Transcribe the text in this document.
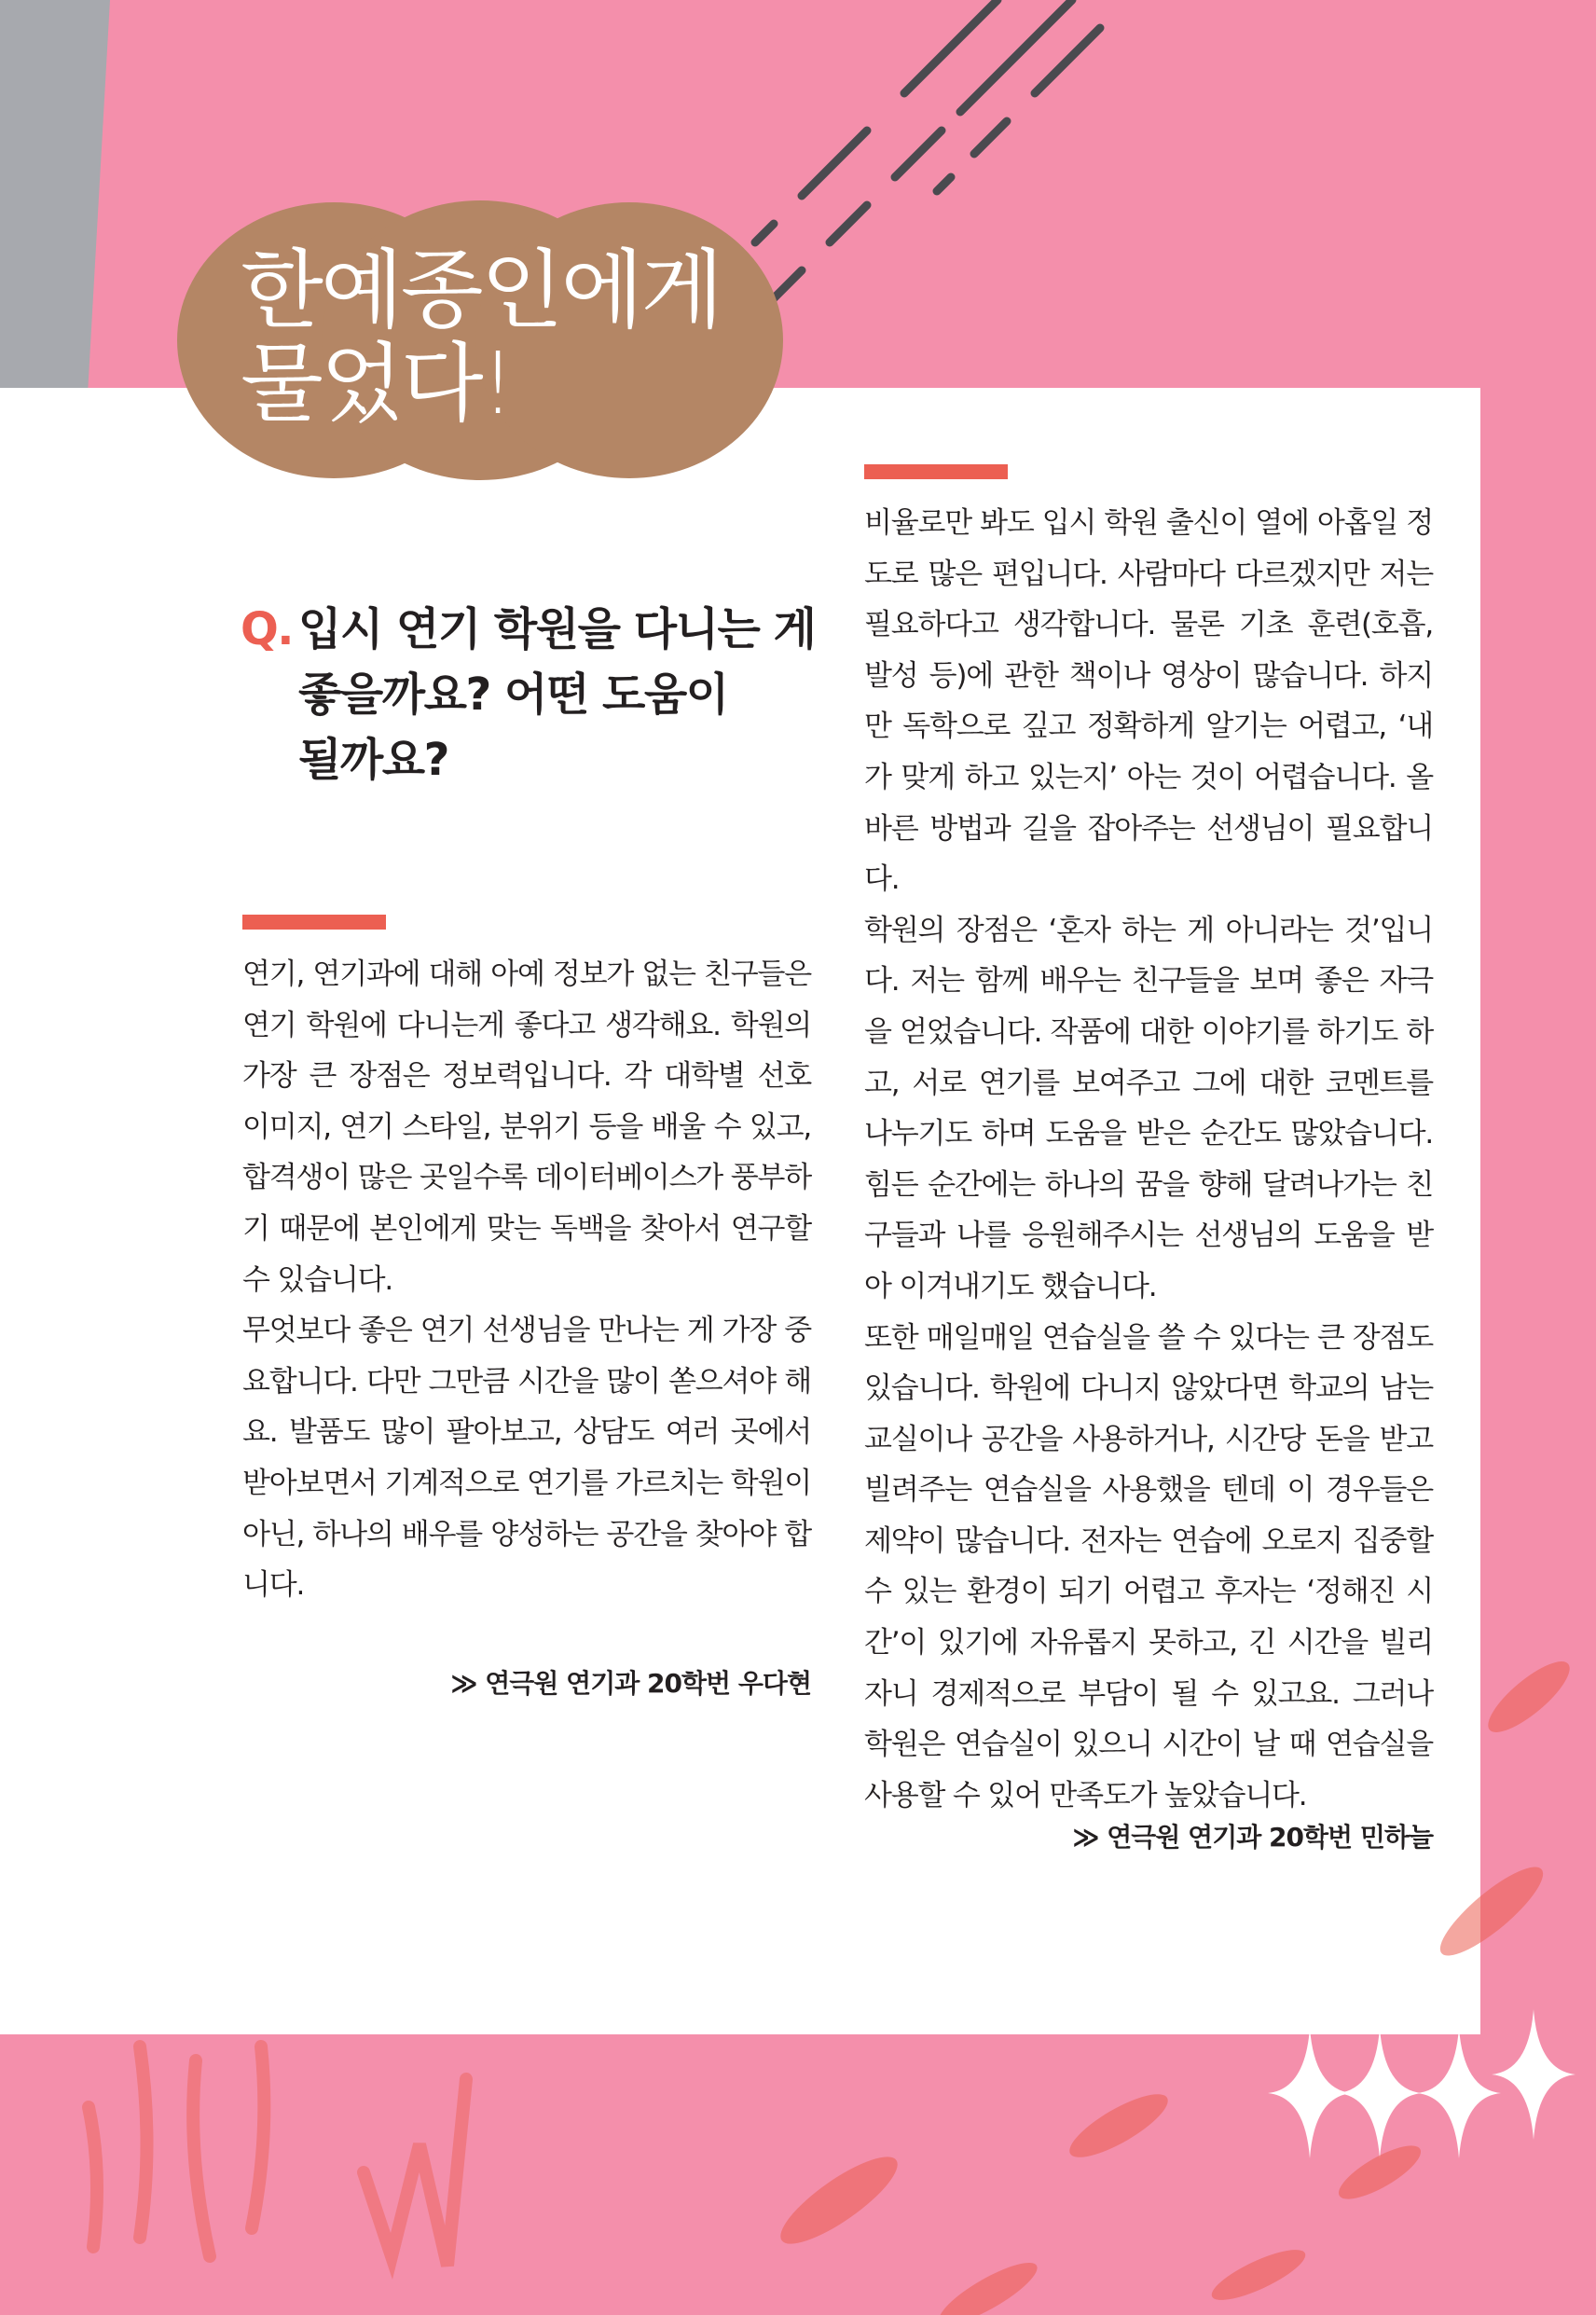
한예종인에게
물었다!
Q. 입시 연기 학원을 다니는 게
좋을까요? 어떤 도움이
될까요?

연기, 연기과에 대해 아예 정보가 없는 친구들은 연기 학원에 다니는게 좋다고 생각해요. 학원의 가장 큰 장점은 정보력입니다. 각 대학별 선호 이미지, 연기 스타일, 분위기 등을 배울 수 있고, 합격생이 많은 곳일수록 데이터베이스가 풍부하기 때문에 본인에게 맞는 독백을 찾아서 연구할 수 있습니다.

무엇보다 좋은 연기 선생님을 만나는 게 가장 중요합니다. 다만 그만큼 시간을 많이 쏟으셔야 해요. 발품도 많이 팔아보고, 상담도 여러 곳에서 받아보면서 기계적으로 연기를 가르치는 학원이 아닌, 하나의 배우를 양성하는 공간을 찾아야 합니다.

≫ 연극원 연기과 20학번 우다현

비율로만 봐도 입시 학원 출신이 열에 아홉일 정도로 많은 편입니다. 사람마다 다르겠지만 저는 필요하다고 생각합니다. 물론 기초 훈련(호흡, 발성 등)에 관한 책이나 영상이 많습니다. 하지만 독학으로 깊고 정확하게 알기는 어렵고, ‘내가 맞게 하고 있는지’ 아는 것이 어렵습니다. 올바른 방법과 길을 잡아주는 선생님이 필요합니다.

학원의 장점은 ‘혼자 하는 게 아니라는 것’입니다. 저는 함께 배우는 친구들을 보며 좋은 자극을 얻었습니다. 작품에 대한 이야기를 하기도 하고, 서로 연기를 보여주고 그에 대한 코멘트를 나누기도 하며 도움을 받은 순간도 많았습니다. 힘든 순간에는 하나의 꿈을 향해 달려나가는 친구들과 나를 응원해주시는 선생님의 도움을 받아 이겨내기도 했습니다.

또한 매일매일 연습실을 쓸 수 있다는 큰 장점도 있습니다. 학원에 다니지 않았다면 학교의 남는 교실이나 공간을 사용하거나, 시간당 돈을 받고 빌려주는 연습실을 사용했을 텐데 이 경우들은 제약이 많습니다. 전자는 연습에 오로지 집중할 수 있는 환경이 되기 어렵고 후자는 ‘정해진 시간’이 있기에 자유롭지 못하고, 긴 시간을 빌리자니 경제적으로 부담이 될 수 있고요. 그러나 학원은 연습실이 있으니 시간이 날 때 연습실을 사용할 수 있어 만족도가 높았습니다.

≫ 연극원 연기과 20학번 민하늘
